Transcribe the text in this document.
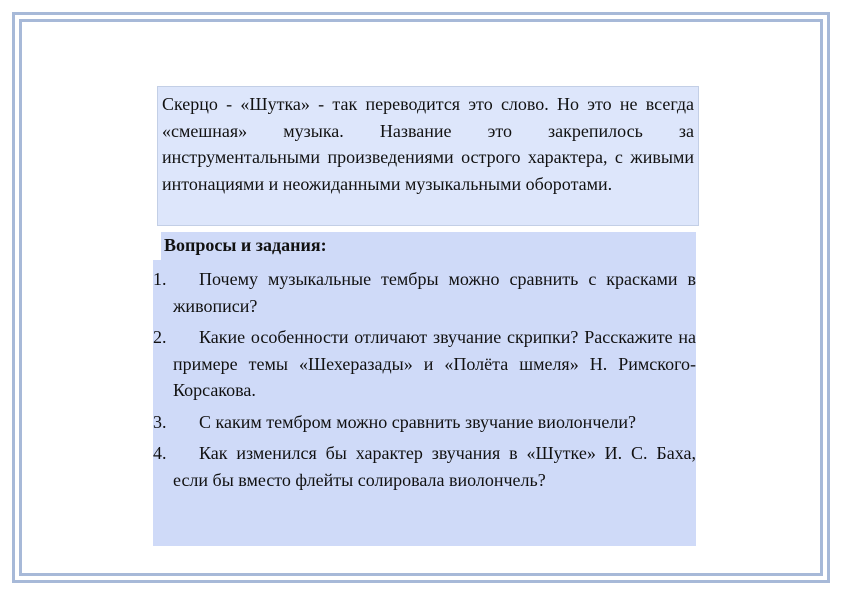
Скерцо - «Шутка» - так переводится это слово. Но это не всегда «смешная» музыка. Название это закрепилось за инструментальными произведениями острого характера, с живыми интонациями и неожиданными музыкальными оборотами.
Вопросы и задания:
1.	Почему музыкальные тембры можно сравнить с красками в живописи?
2.	Какие особенности отличают звучание скрипки? Расскажите на примере темы «Шехеразады» и «Полёта шмеля» Н. Римского-Корсакова.
3.	С каким тембром можно сравнить звучание виолончели?
4.	Как изменился бы характер звучания в «Шутке» И. С. Баха, если бы вместо флейты солировала виолончель?
